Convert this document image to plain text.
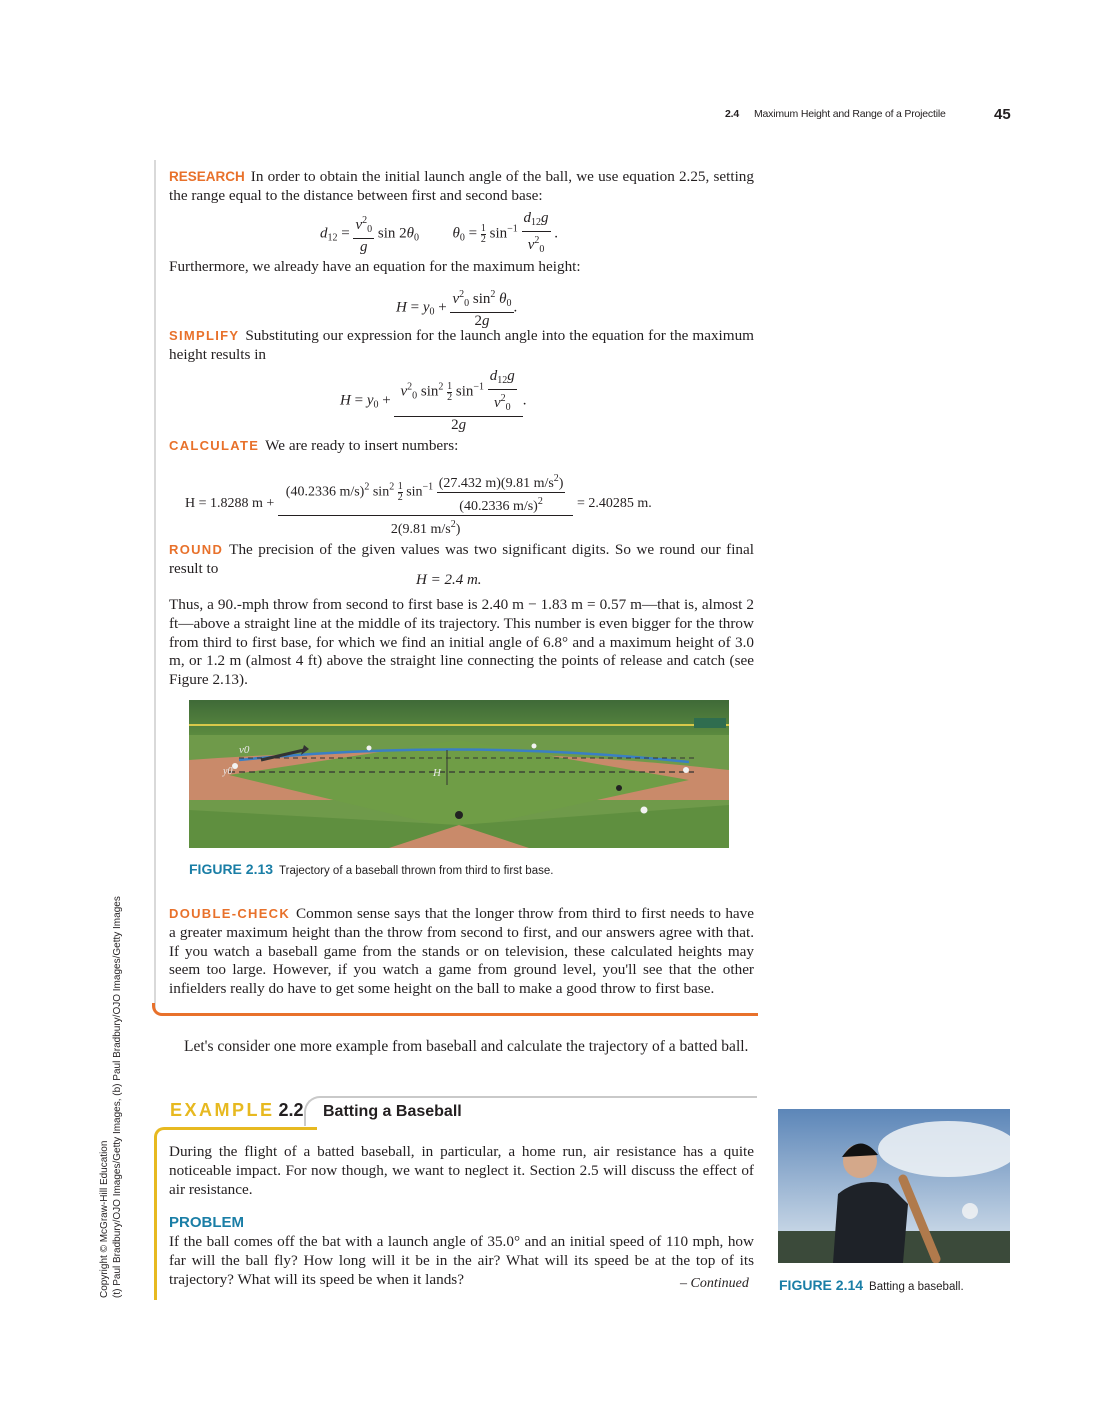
2.4 Maximum Height and Range of a Projectile	45
RESEARCH In order to obtain the initial launch angle of the ball, we use equation 2.25, setting the range equal to the distance between first and second base:
$d_{12} = \frac{v^2_0}{g}$ $\sin 2\theta_0$ $\theta_0 = \frac{1}{2} \sin^{-1} \frac{d_{12}g}{v^2_0}$ .
Furthermore, we already have an equation for the maximum height:
$H = y_0 + \frac{v^2_0 \sin^2 \theta_0}{2g}$ .
SIMPLIFY Substituting our expression for the launch angle into the equation for the maximum height results in
$H = y_0 + \frac{v^2_0 \sin^2 \frac{1}{2} \sin^{-1} \frac{d_{12}g}{v^2_0}}{2g}$ .
CALCULATE We are ready to insert numbers:
H = 1.8288 m +
(40.2336 m/s)$^2$ $\sin^2 \frac{1}{2} \sin^{-1} \frac{(27.432 m)(9.81 m/s^2)}{(40.2336 m/s)^2}$
2(9.81 $m/s^2$)
= 2.40285 m.
ROUND The precision of the given values was two significant digits. So we round our final result to
H = 2.4 m.
Thus, a 90.-mph throw from second to first base is 2.40 m − 1.83 m = 0.57 m—that is, almost 2 ft—above a straight line at the middle of its trajectory. This number is even bigger for the throw from third to first base, for which we find an initial angle of 6.8° and a maximum height of 3.0 m, or 1.2 m (almost 4 ft) above the straight line connecting the points of release and catch (see Figure 2.13).
v0
y0	H
FIGURE 2.13 Trajectory of a baseball thrown from third to first base.
DOUBLE-CHECK Common sense says that the longer throw from third to first needs to have a greater maximum height than the throw from second to first, and our answers agree with that. If you watch a baseball game from the stands or on television, these calculated heights may seem too large. However, if you watch a game from ground level, you'll see that the other infielders really do have to get some height on the ball to make a good throw to first base.
Let's consider one more example from baseball and calculate the trajectory of a batted ball.
EXAMPLE 2.2 Batting a Baseball
During the flight of a batted baseball, in particular, a home run, air resistance has a quite noticeable impact. For now though, we want to neglect it. Section 2.5 will discuss the effect of air resistance.
PROBLEM
If the ball comes off the bat with a launch angle of 35.0° and an initial speed of 110 mph, how far will the ball fly? How long will it be in the air? What will its speed be at the top of its trajectory? What will its speed be when it lands?	– Continued FIGURE 2.14 Batting a baseball.
Copyright © McGraw-Hill Education (t) Paul Bradbury/OJO Images/Getty Images, (b) Paul Bradbury/OJO Images/Getty Images
